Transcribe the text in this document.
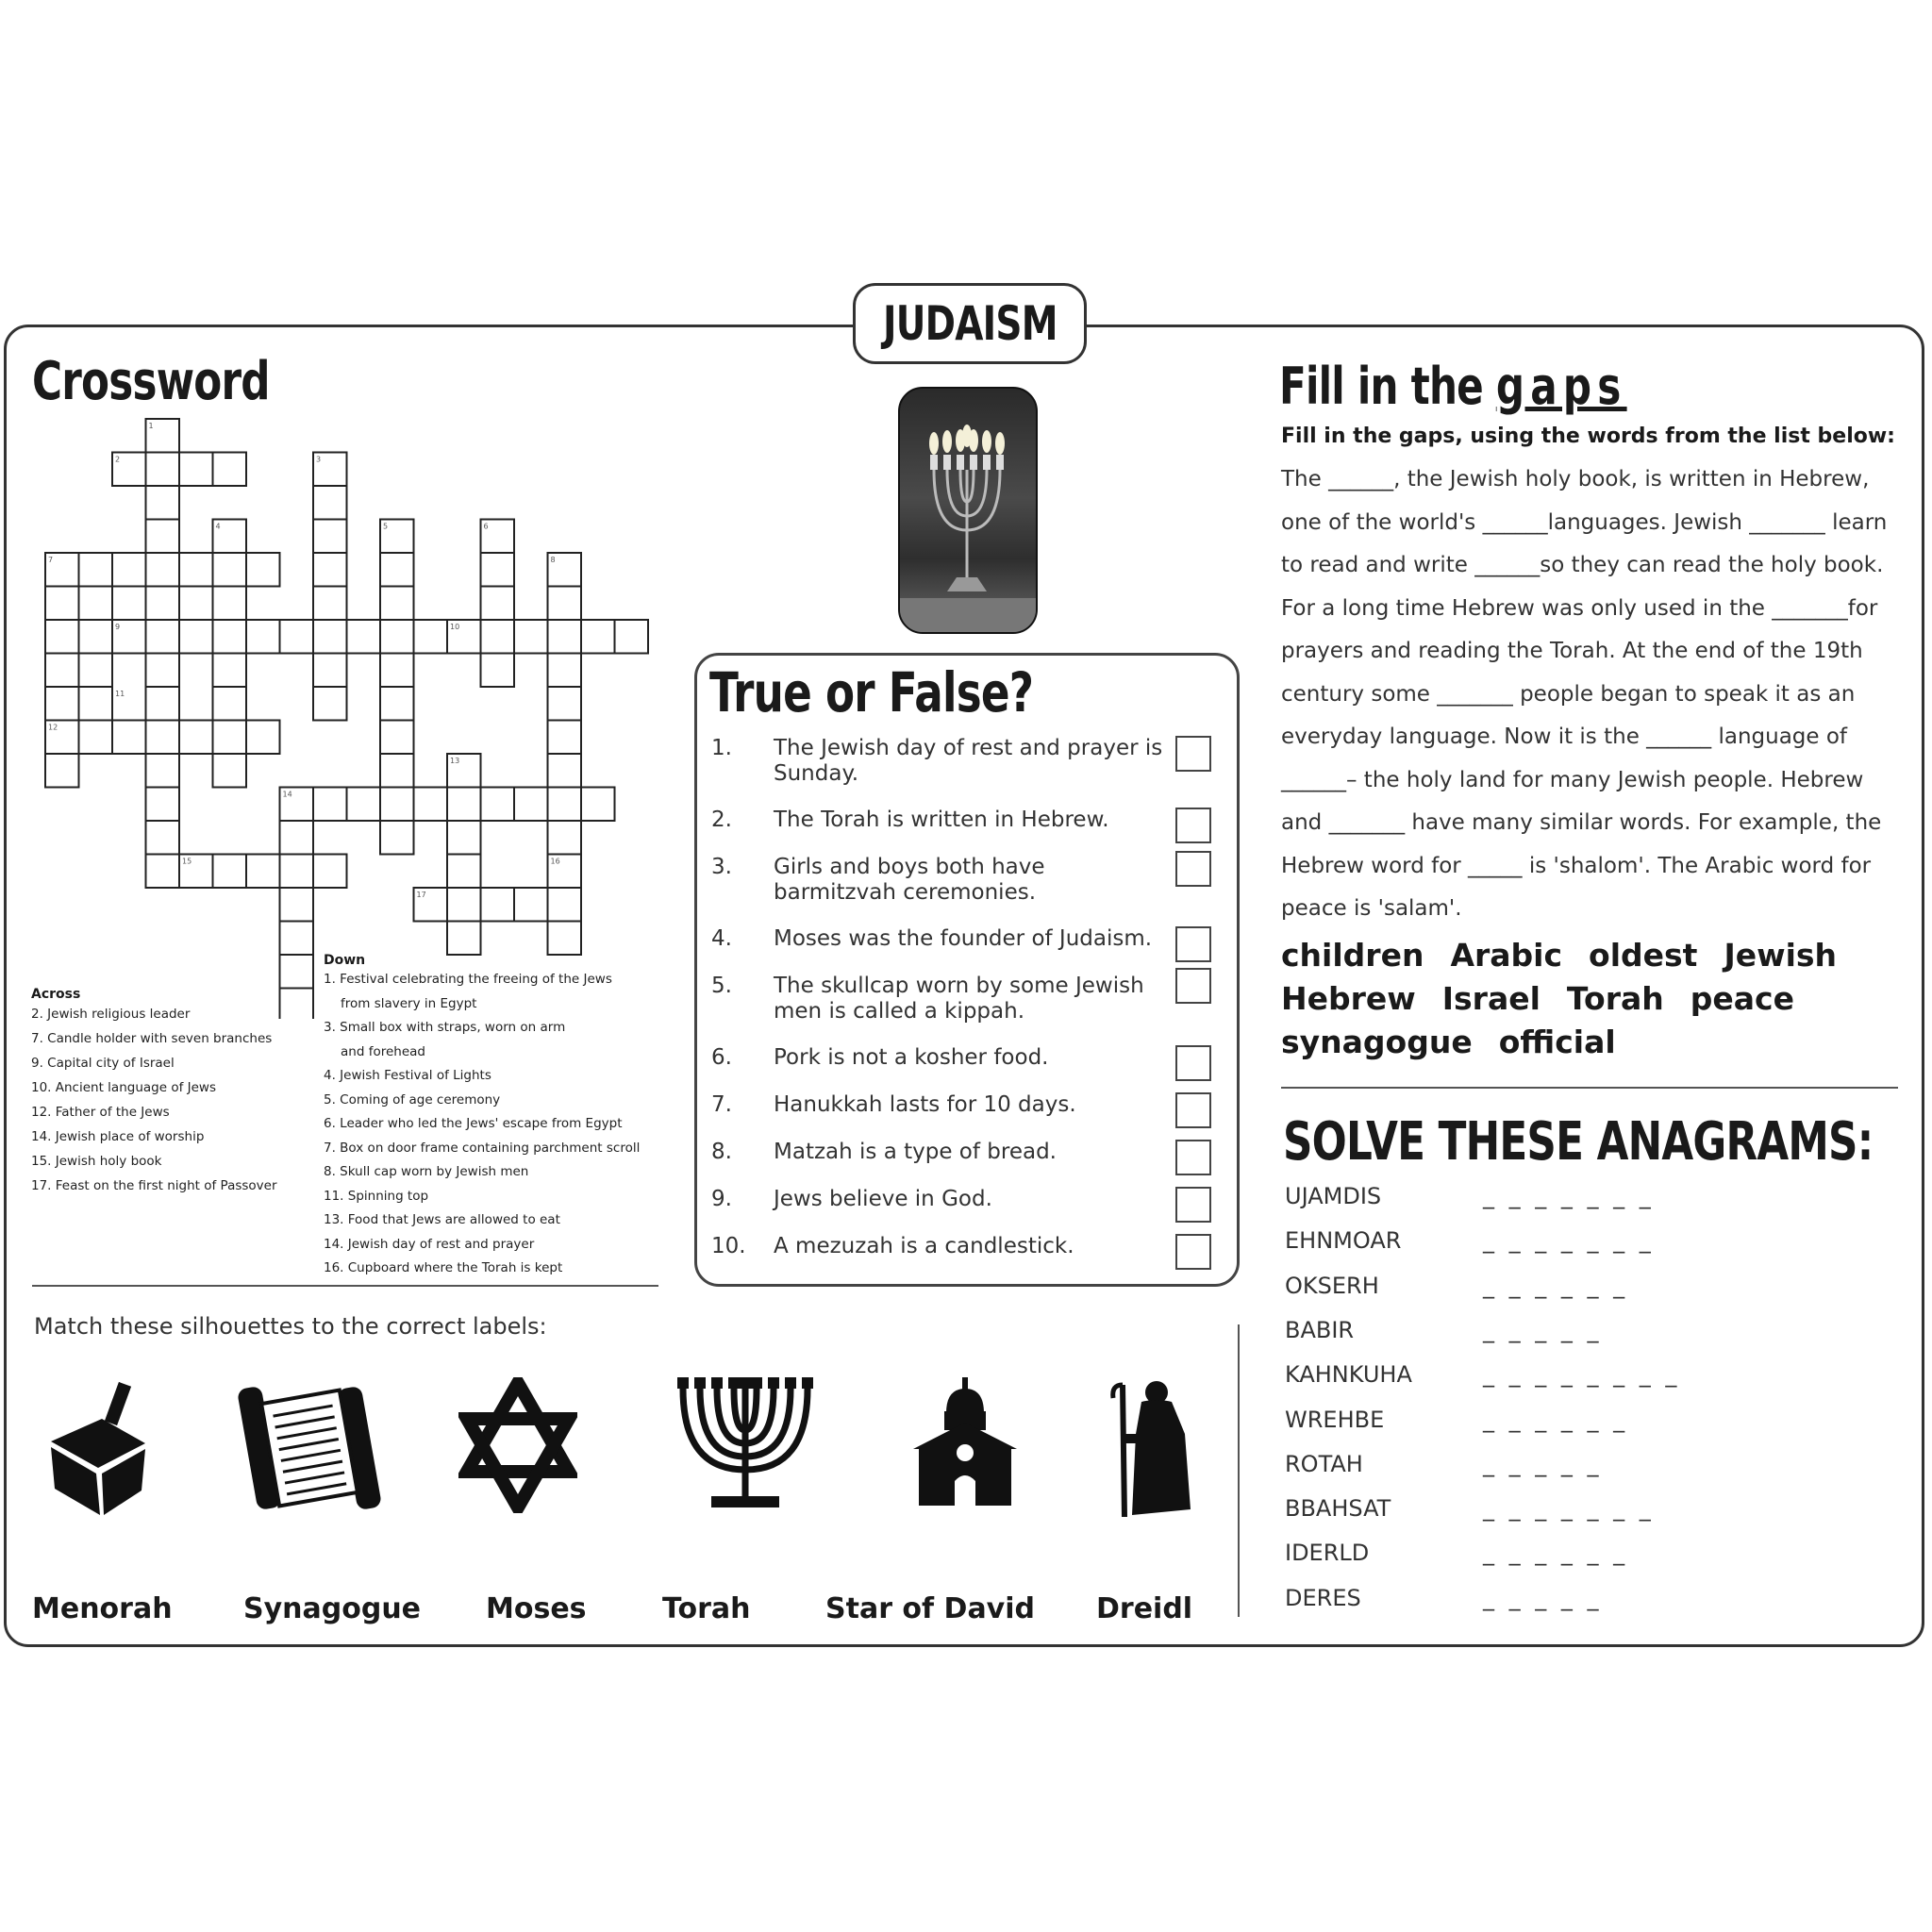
JUDAISM
Crossword
1
2	3
4	5	6
7	8
9	10
11
12
13
14
15	16
17
Across
2. Jewish religious leader
7. Candle holder with seven branches
9. Capital city of Israel
10. Ancient language of Jews
12. Father of the Jews
14. Jewish place of worship
15. Jewish holy book
17. Feast on the first night of Passover
Down
1. Festival celebrating the freeing of the Jews
from slavery in Egypt
3. Small box with straps, worn on arm
and forehead
4. Jewish Festival of Lights
5. Coming of age ceremony
6. Leader who led the Jews' escape from Egypt
7. Box on door frame containing parchment scroll
8. Skull cap worn by Jewish men
11. Spinning top
13. Food that Jews are allowed to eat
14. Jewish day of rest and prayer
16. Cupboard where the Torah is kept
True or False?
1.	The Jewish day of rest and prayer is Sunday.
2.	The Torah is written in Hebrew.
3.	Girls and boys both have barmitzvah ceremonies.
4.	Moses was the founder of Judaism.
5.	The skullcap worn by some Jewish men is called a kippah.
6.	Pork is not a kosher food.
7.	Hanukkah lasts for 10 days.
8.	Matzah is a type of bread.
9.	Jews believe in God.
10.	A mezuzah is a candlestick.
Fill in the gaps
Fill in the gaps, using the words from the list below:
The ______, the Jewish holy book, is written in Hebrew, one of the world's ______languages. Jewish _______ learn to read and write ______so they can read the holy book. For a long time Hebrew was only used in the _______for prayers and reading the Torah. At the end of the 19th century some _______ people began to speak it as an everyday language. Now it is the ______ language of ______– the holy land for many Jewish people. Hebrew and _______ have many similar words. For example, the Hebrew word for _____ is 'shalom'. The Arabic word for peace is 'salam'.
children Arabic oldest JewishHebrew Israel Torah peacesynagogue official
SOLVE THESE ANAGRAMS:
UJAMDIS	_ _ _ _ _ _ _
EHNMOAR	_ _ _ _ _ _ _
OKSERH	_ _ _ _ _ _
BABIR	_ _ _ _ _
KAHNKUHA	_ _ _ _ _ _ _ _
WREHBE	_ _ _ _ _ _
ROTAH	_ _ _ _ _
BBAHSAT	_ _ _ _ _ _ _
IDERLD	_ _ _ _ _ _
DERES	_ _ _ _ _
Match these silhouettes to the correct labels:
Menorah	Synagogue Moses	Torah	Star of David Dreidl
